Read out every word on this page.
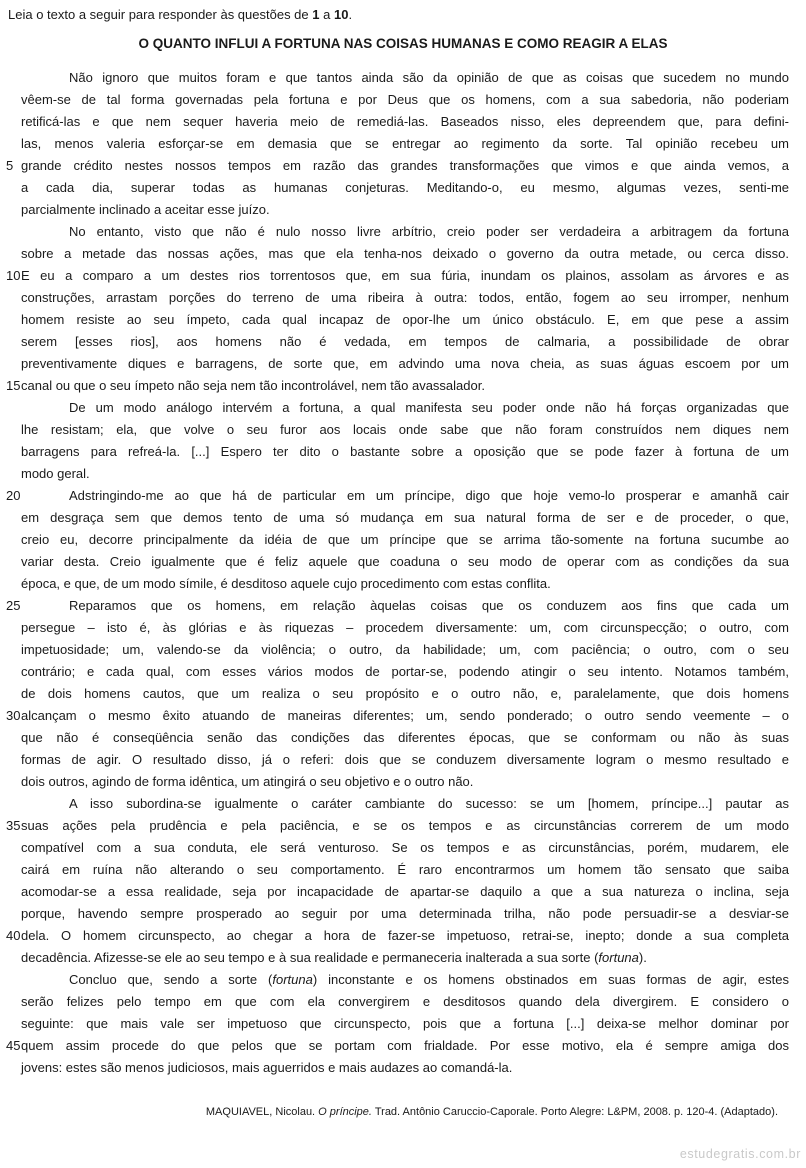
Leia o texto a seguir para responder às questões de 1 a 10.
O QUANTO INFLUI A FORTUNA NAS COISAS HUMANAS E COMO REAGIR A ELAS
Não ignoro que muitos foram e que tantos ainda são da opinião de que as coisas que sucedem no mundo
vêem-se de tal forma governadas pela fortuna e por Deus que os homens, com a sua sabedoria, não poderiam
retificá-las e que nem sequer haveria meio de remediá-las. Baseados nisso, eles depreendem que, para defini-
las, menos valeria esforçar-se em demasia que se entregar ao regimento da sorte. Tal opinião recebeu um
5 grande crédito nestes nossos tempos em razão das grandes transformações que vimos e que ainda vemos, a
a cada dia, superar todas as humanas conjeturas. Meditando-o, eu mesmo, algumas vezes, senti-me
parcialmente inclinado a aceitar esse juízo.
No entanto, visto que não é nulo nosso livre arbítrio, creio poder ser verdadeira a arbitragem da fortuna
sobre a metade das nossas ações, mas que ela tenha-nos deixado o governo da outra metade, ou cerca disso.
10 E eu a comparo a um destes rios torrentosos que, em sua fúria, inundam os plainos, assolam as árvores e as
construções, arrastam porções do terreno de uma ribeira à outra: todos, então, fogem ao seu irromper, nenhum
homem resiste ao seu ímpeto, cada qual incapaz de opor-lhe um único obstáculo. E, em que pese a assim
serem [esses rios], aos homens não é vedada, em tempos de calmaria, a possibilidade de obrar
preventivamente diques e barragens, de sorte que, em advindo uma nova cheia, as suas águas escoem por um
15 canal ou que o seu ímpeto não seja nem tão incontrolável, nem tão avassalador.
De um modo análogo intervém a fortuna, a qual manifesta seu poder onde não há forças organizadas que
lhe resistam; ela, que volve o seu furor aos locais onde sabe que não foram construídos nem diques nem
barragens para refreá-la. [...] Espero ter dito o bastante sobre a oposição que se pode fazer à fortuna de um
modo geral.
20	Adstringindo-me ao que há de particular em um príncipe, digo que hoje vemo-lo prosperar e amanhã cair
em desgraça sem que demos tento de uma só mudança em sua natural forma de ser e de proceder, o que,
creio eu, decorre principalmente da idéia de que um príncipe que se arrima tão-somente na fortuna sucumbe ao
variar desta. Creio igualmente que é feliz aquele que coaduna o seu modo de operar com as condições da sua
época, e que, de um modo símile, é desditoso aquele cujo procedimento com estas conflita.
25	Reparamos que os homens, em relação àquelas coisas que os conduzem aos fins que cada um
persegue – isto é, às glórias e às riquezas – procedem diversamente: um, com circunspecção; o outro, com
impetuosidade; um, valendo-se da violência; o outro, da habilidade; um, com paciência; o outro, com o seu
contrário; e cada qual, com esses vários modos de portar-se, podendo atingir o seu intento. Notamos também,
de dois homens cautos, que um realiza o seu propósito e o outro não, e, paralelamente, que dois homens
30 alcançam o mesmo êxito atuando de maneiras diferentes; um, sendo ponderado; o outro sendo veemente – o
que não é conseqüência senão das condições das diferentes épocas, que se conformam ou não às suas
formas de agir. O resultado disso, já o referi: dois que se conduzem diversamente logram o mesmo resultado e
dois outros, agindo de forma idêntica, um atingirá o seu objetivo e o outro não.
A isso subordina-se igualmente o caráter cambiante do sucesso: se um [homem, príncipe...] pautar as
35 suas ações pela prudência e pela paciência, e se os tempos e as circunstâncias correrem de um modo
compatível com a sua conduta, ele será venturoso. Se os tempos e as circunstâncias, porém, mudarem, ele
cairá em ruína não alterando o seu comportamento. É raro encontrarmos um homem tão sensato que saiba
acomodar-se a essa realidade, seja por incapacidade de apartar-se daquilo a que a sua natureza o inclina, seja
porque, havendo sempre prosperado ao seguir por uma determinada trilha, não pode persuadir-se a desviar-se
40 dela. O homem circunspecto, ao chegar a hora de fazer-se impetuoso, retrai-se, inepto; donde a sua completa
decadência. Afizesse-se ele ao seu tempo e à sua realidade e permaneceria inalterada a sua sorte (fortuna).
Concluo que, sendo a sorte (fortuna) inconstante e os homens obstinados em suas formas de agir, estes
serão felizes pelo tempo em que com ela convergirem e desditosos quando dela divergirem. E considero o
seguinte: que mais vale ser impetuoso que circunspecto, pois que a fortuna [...] deixa-se melhor dominar por
45 quem assim procede do que pelos que se portam com frialdade. Por esse motivo, ela é sempre amiga dos
jovens: estes são menos judiciosos, mais aguerridos e mais audazes ao comandá-la.
MAQUIAVEL, Nicolau. O príncipe. Trad. Antônio Caruccio-Caporale. Porto Alegre: L&PM, 2008. p. 120-4. (Adaptado).
estudegratis.com.br
